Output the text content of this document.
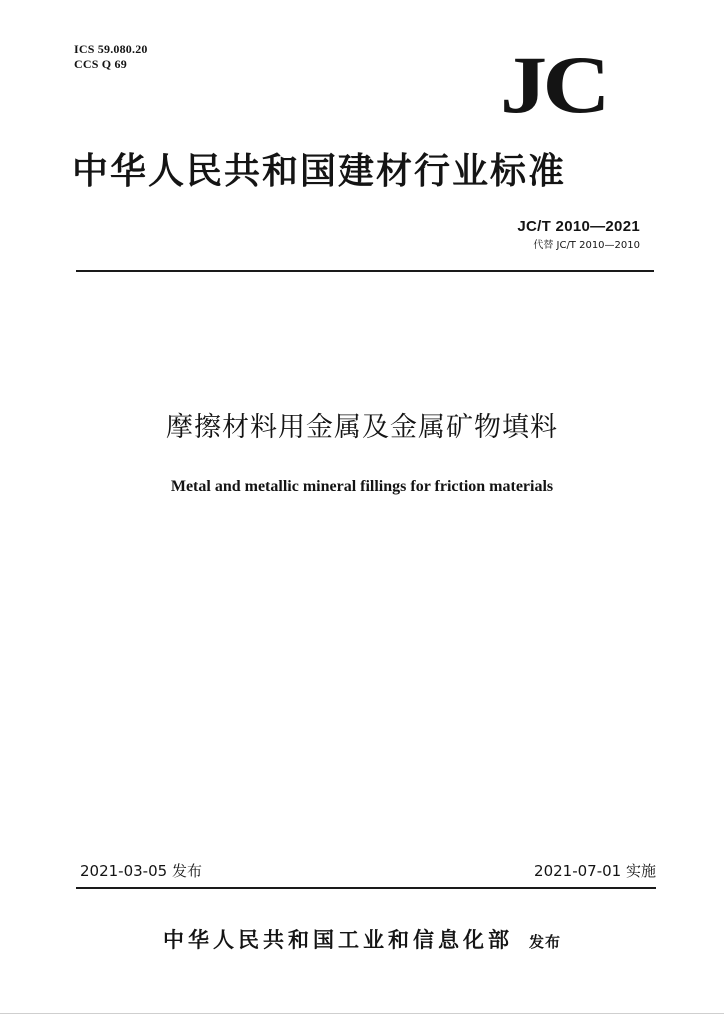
ICS 59.080.20
CCS Q 69	JC
中华人民共和国建材行业标准
JC/T 2010—2021
代替 JC/T 2010—2010
摩擦材料用金属及金属矿物填料
Metal and metallic mineral fillings for friction materials
2021-03-05 发布	2021-07-01 实施
中华人民共和国工业和信息化部 发布
